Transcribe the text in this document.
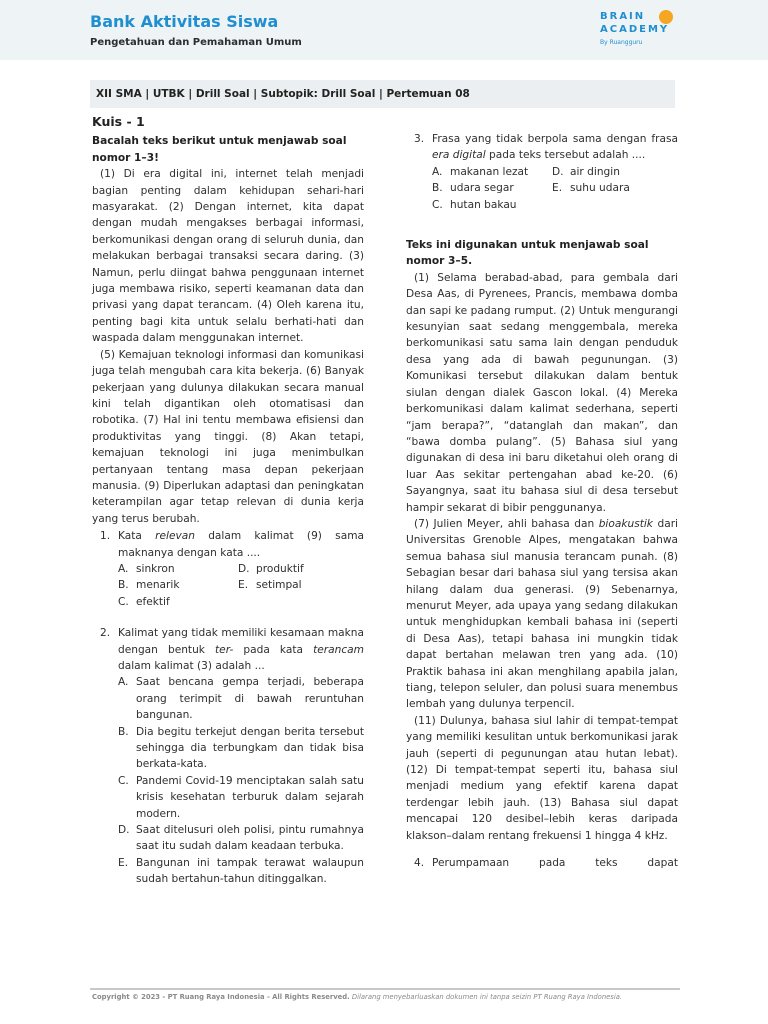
Bank Aktivitas Siswa
Pengetahuan dan Pemahaman Umum
BRAIN
ACADEMY
By Ruangguru
XII SMA | UTBK | Drill Soal | Subtopik: Drill Soal | Pertemuan 08
Kuis - 1
Bacalah teks berikut untuk menjawab soal nomor 1–3!

(1) Di era digital ini, internet telah menjadi bagian penting dalam kehidupan sehari-hari masyarakat. (2) Dengan internet, kita dapat dengan mudah mengakses berbagai informasi, berkomunikasi dengan orang di seluruh dunia, dan melakukan berbagai transaksi secara daring. (3) Namun, perlu diingat bahwa penggunaan internet juga membawa risiko, seperti keamanan data dan privasi yang dapat terancam. (4) Oleh karena itu, penting bagi kita untuk selalu berhati-hati dan waspada dalam menggunakan internet.

(5) Kemajuan teknologi informasi dan komunikasi juga telah mengubah cara kita bekerja. (6) Banyak pekerjaan yang dulunya dilakukan secara manual kini telah digantikan oleh otomatisasi dan robotika. (7) Hal ini tentu membawa efisiensi dan produktivitas yang tinggi. (8) Akan tetapi, kemajuan teknologi ini juga menimbulkan pertanyaan tentang masa depan pekerjaan manusia. (9) Diperlukan adaptasi dan peningkatan keterampilan agar tetap relevan di dunia kerja yang terus berubah.

1. Kata relevan dalam kalimat (9) sama maknanya dengan kata ....
A. sinkron	D. produktif
B. menarik	E. setimpal
C. efektif
2. Kalimat yang tidak memiliki kesamaan makna dengan bentuk ter- pada kata terancam dalam kalimat (3) adalah ...
A. Saat bencana gempa terjadi, beberapa orang terimpit di bawah reruntuhan bangunan.
B. Dia begitu terkejut dengan berita tersebut sehingga dia terbungkam dan tidak bisa berkata-kata.
C. Pandemi Covid-19 menciptakan salah satu krisis kesehatan terburuk dalam sejarah modern.
D. Saat ditelusuri oleh polisi, pintu rumahnya saat itu sudah dalam keadaan terbuka.
E. Bangunan ini tampak terawat walaupun sudah bertahun-tahun ditinggalkan.
3. Frasa yang tidak berpola sama dengan frasa era digital pada teks tersebut adalah ....
A. makanan lezat D. air dingin
B. udara segar	E. suhu udara
C. hutan bakau
Teks ini digunakan untuk menjawab soal nomor 3–5.

(1) Selama berabad-abad, para gembala dari Desa Aas, di Pyrenees, Prancis, membawa domba dan sapi ke padang rumput. (2) Untuk mengurangi kesunyian saat sedang menggembala, mereka berkomunikasi satu sama lain dengan penduduk desa yang ada di bawah pegunungan. (3) Komunikasi tersebut dilakukan dalam bentuk siulan dengan dialek Gascon lokal. (4) Mereka berkomunikasi dalam kalimat sederhana, seperti “jam berapa?”, “datanglah dan makan”, dan “bawa domba pulang”. (5) Bahasa siul yang digunakan di desa ini baru diketahui oleh orang di luar Aas sekitar pertengahan abad ke-20. (6) Sayangnya, saat itu bahasa siul di desa tersebut hampir sekarat di bibir penggunanya.

(7) Julien Meyer, ahli bahasa dan bioakustik dari Universitas Grenoble Alpes, mengatakan bahwa semua bahasa siul manusia terancam punah. (8) Sebagian besar dari bahasa siul yang tersisa akan hilang dalam dua generasi. (9) Sebenarnya, menurut Meyer, ada upaya yang sedang dilakukan untuk menghidupkan kembali bahasa ini (seperti di Desa Aas), tetapi bahasa ini mungkin tidak dapat bertahan melawan tren yang ada. (10) Praktik bahasa ini akan menghilang apabila jalan, tiang, telepon seluler, dan polusi suara menembus lembah yang dulunya terpencil.

(11) Dulunya, bahasa siul lahir di tempat-tempat yang memiliki kesulitan untuk berkomunikasi jarak jauh (seperti di pegunungan atau hutan lebat). (12) Di tempat-tempat seperti itu, bahasa siul menjadi medium yang efektif karena dapat terdengar lebih jauh. (13) Bahasa siul dapat mencapai 120 desibel–lebih keras daripada klakson–dalam rentang frekuensi 1 hingga 4 kHz.

4. Perumpamaan pada teks dapat
Copyright © 2023 - PT Ruang Raya Indonesia - All Rights Reserved. Dilarang menyebarluaskan dokumen ini tanpa seizin PT Ruang Raya Indonesia.
